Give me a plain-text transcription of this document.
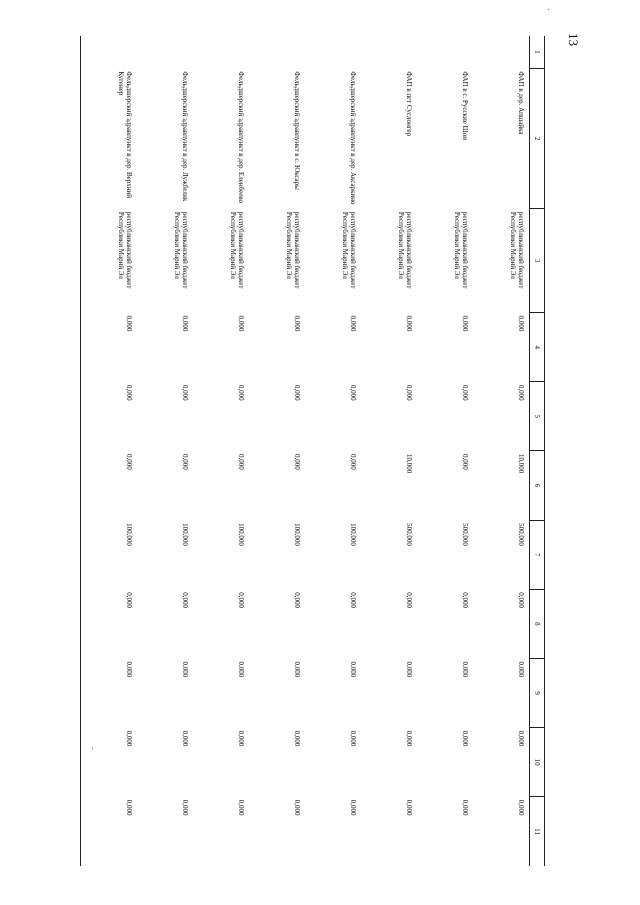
13
1	2	3	4	5	6	7	8	9	10	11
	ФАП в дер. Апшайка	республиканский бюджет Республики Марий Эл	0,000	0,000	10,000	500,000	0,000	0,000	0,000	0,000
	ФАП в с. Русские Шои	республиканский бюджет Республики Марий Эл	0,000	0,000	0,000	500,000	0,000	0,000	0,000	0,000
	ФАП в пгт Суслонгер	республиканский бюджет Республики Марий Эл	0,000	0,000	10,000	500,000	0,000	0,000	0,000	0,000
	Фельдшерский здравпункт в дер. Аксаркино	республиканский бюджет Республики Марий Эл	0,000	0,000	0,000	100,000	0,000	0,000	0,000	0,000
	Фельдшерский здравпункт в с. Юксары	республиканский бюджет Республики Марий Эл	0,000	0,000	0,000	100,000	0,000	0,000	0,000	0,000
	Фельдшерский здравпункт в дер. Еленбеево	республиканский бюджет Республики Марий Эл	0,000	0,000	0,000	100,000	0,000	0,000	0,000	0,000
	Фельдшерский здравпункт в дер. Лужбеляк	республиканский бюджет Республики Марий Эл	0,000	0,000	0,000	100,000	0,000	0,000	0,000	0,000
	Фельдшерский здравпункт в дер. Верхний Кугенер	республиканский бюджет Республики Марий Эл	0,000	0,000	0,000	100,000	0,000	0,000	0,000	0,000
